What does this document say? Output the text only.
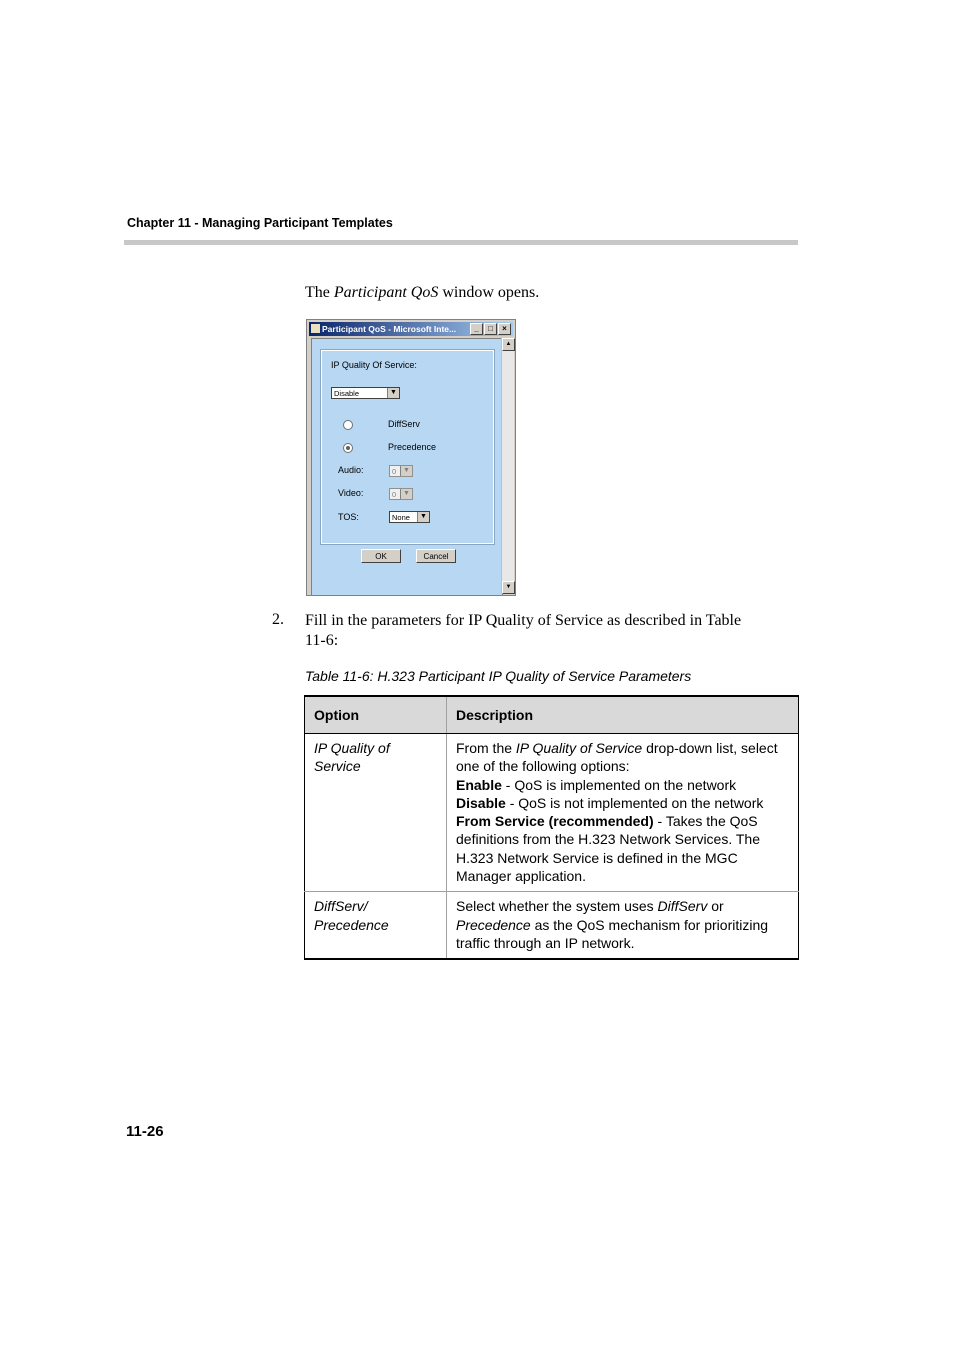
Chapter 11 - Managing Participant Templates
The Participant QoS window opens.
Participant QoS - Microsoft Inte...	_ □ ×
IP Quality Of Service:
Disable	▼
DiffServ
Precedence
Audio:	0 ▼
Video:	0 ▼
TOS:	None	▼
OK	Cancel
▲
▼
2. Fill in the parameters for IP Quality of Service as described in Table 11-6:
Table 11-6: H.323 Participant IP Quality of Service Parameters
Option	Description
IP Quality of Service	From the IP Quality of Service drop-down list, select one of the following options:
Enable - QoS is implemented on the network
Disable - QoS is not implemented on the network
From Service (recommended) - Takes the QoS definitions from the H.323 Network Services. The H.323 Network Service is defined in the MGC Manager application.

DiffServ/ Precedence	Select whether the system uses DiffServ or Precedence as the QoS mechanism for prioritizing traffic through an IP network.
11-26
